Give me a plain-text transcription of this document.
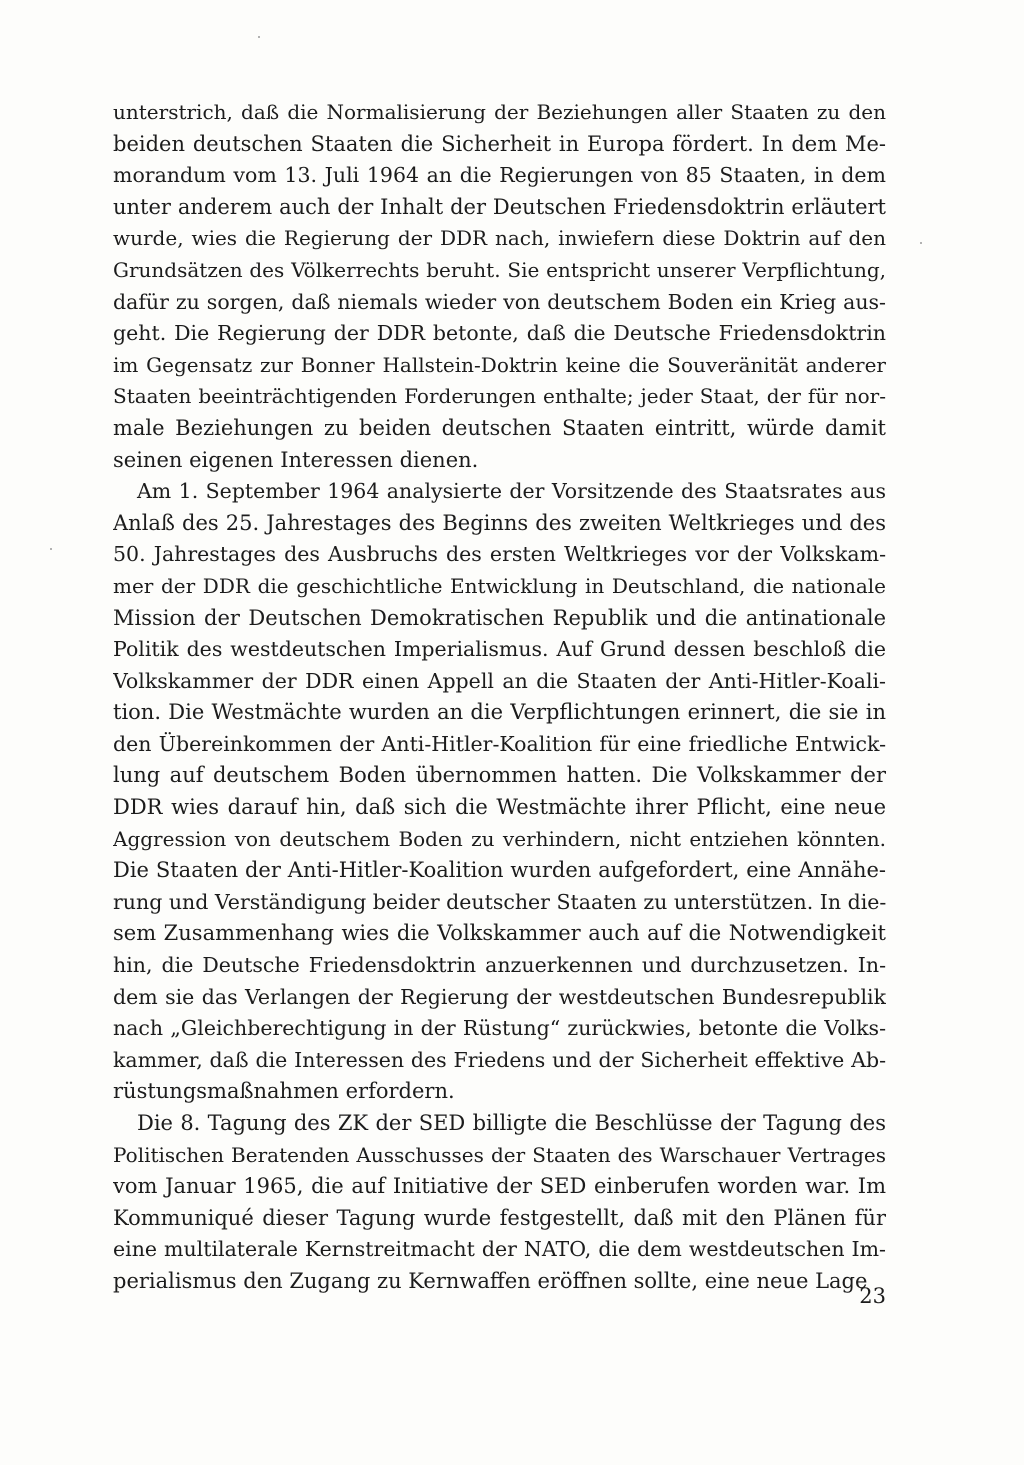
unterstrich, daß die Normalisierung der Beziehungen aller Staaten zu den
beiden deutschen Staaten die Sicherheit in Europa fördert. In dem Me-
morandum vom 13. Juli 1964 an die Regierungen von 85 Staaten, in dem
unter anderem auch der Inhalt der Deutschen Friedensdoktrin erläutert
wurde, wies die Regierung der DDR nach, inwiefern diese Doktrin auf den
Grundsätzen des Völkerrechts beruht. Sie entspricht unserer Verpflichtung,
dafür zu sorgen, daß niemals wieder von deutschem Boden ein Krieg aus-
geht. Die Regierung der DDR betonte, daß die Deutsche Friedensdoktrin
im Gegensatz zur Bonner Hallstein-Doktrin keine die Souveränität anderer
Staaten beeinträchtigenden Forderungen enthalte; jeder Staat, der für nor-
male Beziehungen zu beiden deutschen Staaten eintritt, würde damit
seinen eigenen Interessen dienen.
Am 1. September 1964 analysierte der Vorsitzende des Staatsrates aus
Anlaß des 25. Jahrestages des Beginns des zweiten Weltkrieges und des
50. Jahrestages des Ausbruchs des ersten Weltkrieges vor der Volkskam-
mer der DDR die geschichtliche Entwicklung in Deutschland, die nationale
Mission der Deutschen Demokratischen Republik und die antinationale
Politik des westdeutschen Imperialismus. Auf Grund dessen beschloß die
Volkskammer der DDR einen Appell an die Staaten der Anti-Hitler-Koali-
tion. Die Westmächte wurden an die Verpflichtungen erinnert, die sie in
den Übereinkommen der Anti-Hitler-Koalition für eine friedliche Entwick-
lung auf deutschem Boden übernommen hatten. Die Volkskammer der
DDR wies darauf hin, daß sich die Westmächte ihrer Pflicht, eine neue
Aggression von deutschem Boden zu verhindern, nicht entziehen könnten.
Die Staaten der Anti-Hitler-Koalition wurden aufgefordert, eine Annähe-
rung und Verständigung beider deutscher Staaten zu unterstützen. In die-
sem Zusammenhang wies die Volkskammer auch auf die Notwendigkeit
hin, die Deutsche Friedensdoktrin anzuerkennen und durchzusetzen. In-
dem sie das Verlangen der Regierung der westdeutschen Bundesrepublik
nach „Gleichberechtigung in der Rüstung“ zurückwies, betonte die Volks-
kammer, daß die Interessen des Friedens und der Sicherheit effektive Ab-
rüstungsmaßnahmen erfordern.
Die 8. Tagung des ZK der SED billigte die Beschlüsse der Tagung des
Politischen Beratenden Ausschusses der Staaten des Warschauer Vertrages
vom Januar 1965, die auf Initiative der SED einberufen worden war. Im
Kommuniqué dieser Tagung wurde festgestellt, daß mit den Plänen für
eine multilaterale Kernstreitmacht der NATO, die dem westdeutschen Im-
perialismus den Zugang zu Kernwaffen eröffnen sollte, eine neue Lage
23
